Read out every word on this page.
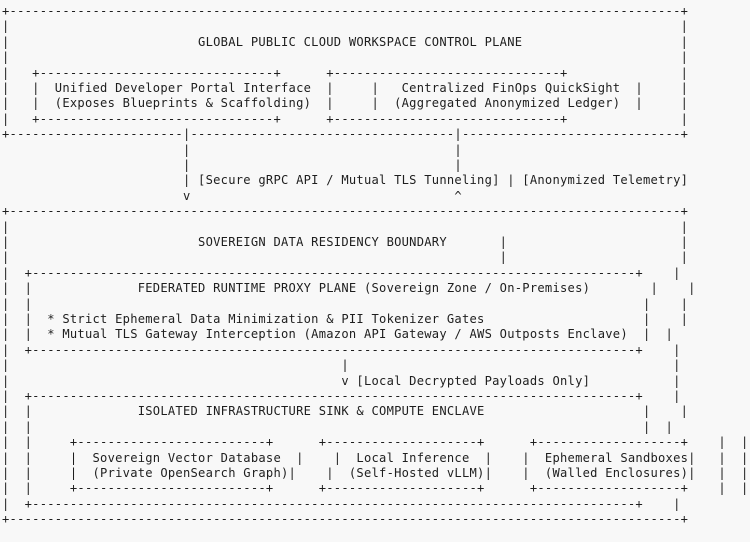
+-----------------------------------------------------------------------------------------+
|                                                                                         |
|                         GLOBAL PUBLIC CLOUD WORKSPACE CONTROL PLANE                     |
|                                                                                         |
|   +-------------------------------+      +------------------------------+               |
|   |  Unified Developer Portal Interface  |     |   Centralized FinOps QuickSight  |     |
|   |  (Exposes Blueprints & Scaffolding)  |     |  (Aggregated Anonymized Ledger)  |     |
|   +-------------------------------+      +------------------------------+               |
+-----------------------|-----------------------------------|-----------------------------+
|                                   |
|                                   |
| [Secure gRPC API / Mutual TLS Tunneling] | [Anonymized Telemetry]
v                                   ^
+-----------------------------------------------------------------------------------------+
|                                                                                         |
|                         SOVEREIGN DATA RESIDENCY BOUNDARY       |                       |
|                                                                 |                       |
|  +--------------------------------------------------------------------------------+    |
|  |              FEDERATED RUNTIME PROXY PLANE (Sovereign Zone / On-Premises)        |    |
|  |                                                                                 |    |
|  |  * Strict Ephemeral Data Minimization & PII Tokenizer Gates                     |    |
|  |  * Mutual TLS Gateway Interception (Amazon API Gateway / AWS Outposts Enclave)  |  |
|  +--------------------------------------------------------------------------------+    |
|                                            |                                           |
|                                            v [Local Decrypted Payloads Only]           |
|  +--------------------------------------------------------------------------------+    |
|  |              ISOLATED INFRASTRUCTURE SINK & COMPUTE ENCLAVE                     |    |
|  |                                                                                 |  |
|  |     +-------------------------+      +--------------------+      +-------------------+    |  |
|  |     |  Sovereign Vector Database  |    |  Local Inference  |    |  Ephemeral Sandboxes|   |  |
|  |     |  (Private OpenSearch Graph)|    |  (Self-Hosted vLLM)|    |  (Walled Enclosures)|   |  |
|  |     +-------------------------+      +--------------------+      +-------------------+    |  |
|  +--------------------------------------------------------------------------------+    |
+-----------------------------------------------------------------------------------------+
